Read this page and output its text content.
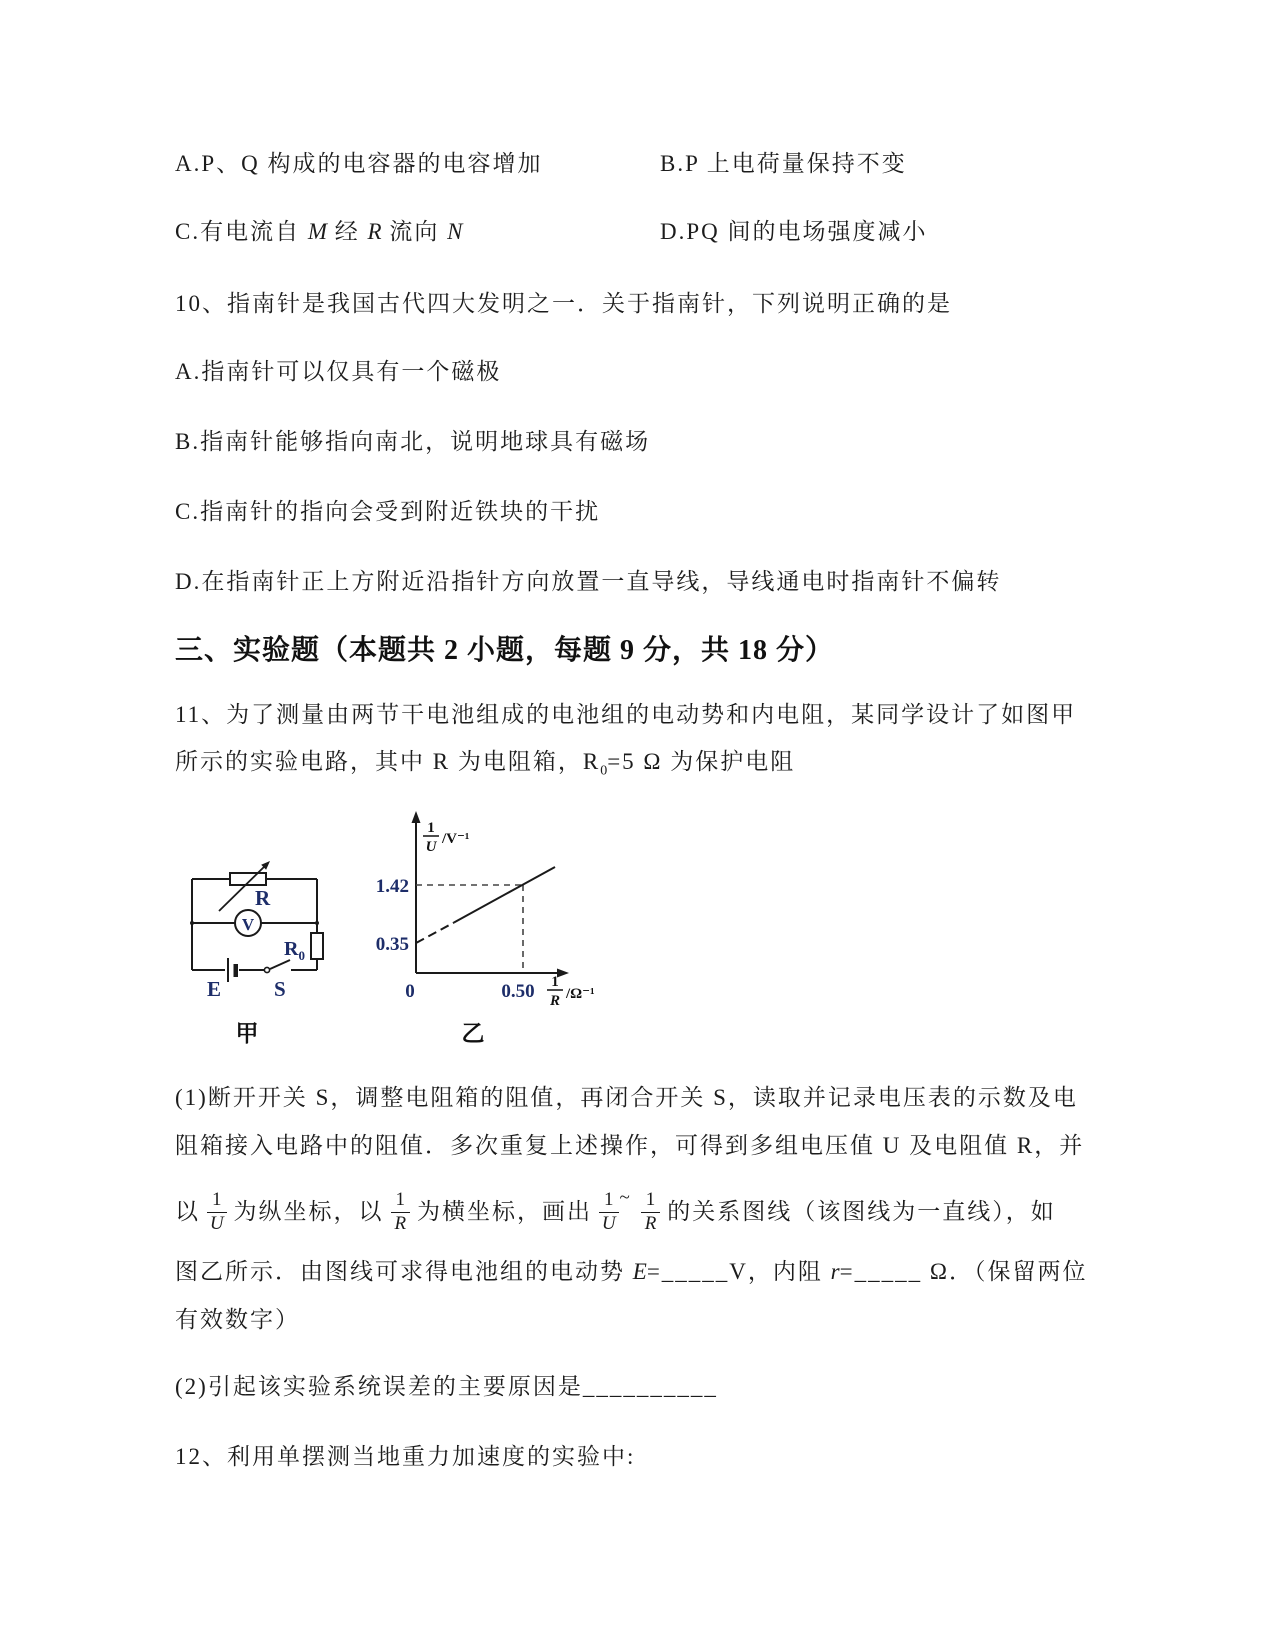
A.P、Q 构成的电容器的电容增加	B.P 上电荷量保持不变
C.有电流自 M 经 R 流向 N	D.PQ 间的电场强度减小
10、指南针是我国古代四大发明之一．关于指南针，下列说明正确的是
A.指南针可以仅具有一个磁极
B.指南针能够指向南北，说明地球具有磁场
C.指南针的指向会受到附近铁块的干扰
D.在指南针正上方附近沿指针方向放置一直导线，导线通电时指南针不偏转
三、实验题（本题共 2 小题，每题 9 分，共 18 分）
11、为了测量由两节干电池组成的电池组的电动势和内电阻，某同学设计了如图甲
所示的实验电路，其中 R 为电阻箱，$R_0=5$ Ω 为保护电阻
R
V
$R_0$
E	S
甲
1
U /V⁻¹
1.42
0.35
0	0.50 1
R /Ω⁻¹
乙
(1)断开开关 S，调整电阻箱的阻值，再闭合开关 S，读取并记录电压表的示数及电
阻箱接入电路中的阻值．多次重复上述操作，可得到多组电压值 U 及电阻值 R，并
以 $\frac{1}{U}$ 为纵坐标，以 $\frac{1}{R}$ 为横坐标，画出 $\frac{1}{U}$ ~ $\frac{1}{R}$ 的关系图线（该图线为一直线），如
图乙所示．由图线可求得电池组的电动势 E=_____V，内阻 r=_____ Ω．（保留两位
有效数字）
(2)引起该实验系统误差的主要原因是__________
12、利用单摆测当地重力加速度的实验中:
